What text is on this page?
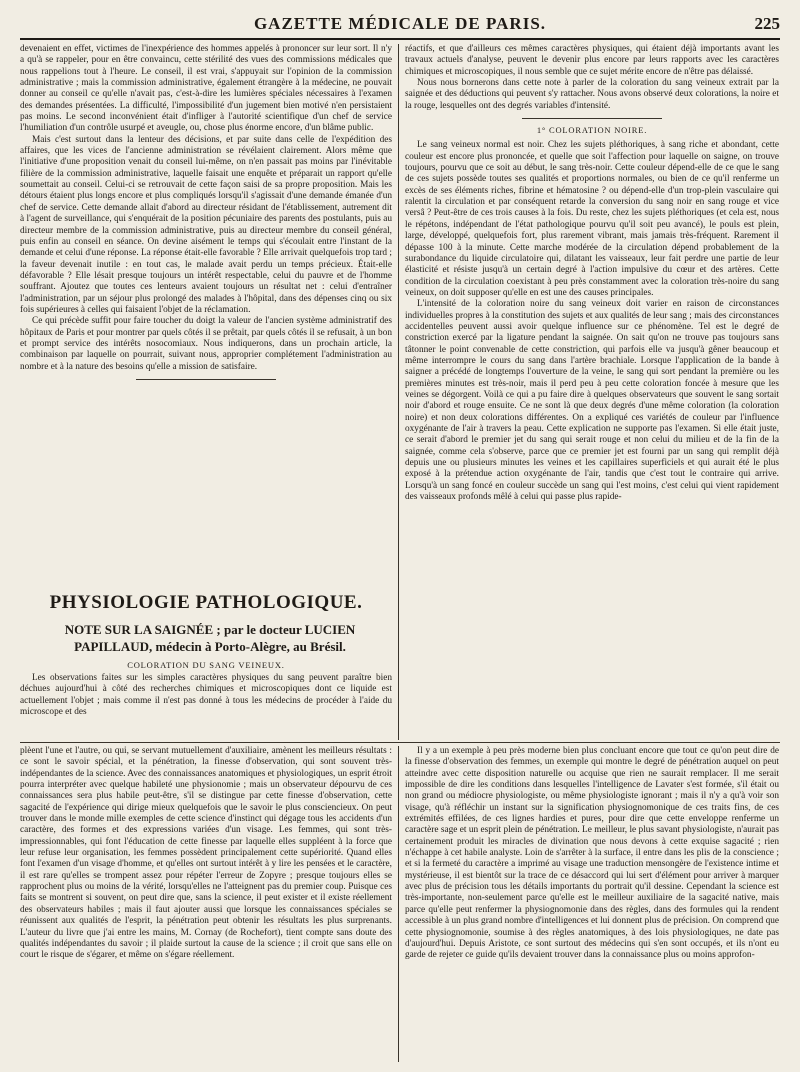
GAZETTE MÉDICALE DE PARIS.	225

devenaient en effet, victimes de l'inexpérience des hommes appelés à prononcer sur leur sort. Il n'y a qu'à se rappeler, pour en être convaincu, cette stérilité des vues des commissions médicales que nous rappelions tout à l'heure. Le conseil, il est vrai, s'appuyait sur l'opinion de la commission administrative ; mais la commission administrative, également étrangère à la médecine, ne pouvait donner au conseil ce qu'elle n'avait pas, c'est-à-dire les lumières spéciales nécessaires à l'examen des demandes présentées. La difficulté, l'impossibilité d'un jugement bien motivé n'en persistaient pas moins. Le second inconvénient était d'infliger à l'autorité scientifique d'un chef de service l'humiliation d'un contrôle usurpé et aveugle, ou, chose plus énorme encore, d'un blâme public.

Mais c'est surtout dans la lenteur des décisions, et par suite dans celle de l'expédition des affaires, que les vices de l'ancienne administration se révélaient clairement. Alors même que l'initiative d'une proposition venait du conseil lui-même, on n'en passait pas moins par l'inévitable filière de la commission administrative, laquelle faisait une enquête et préparait un rapport qu'elle soumettait au conseil. Celui-ci se retrouvait de cette façon saisi de sa propre proposition. Mais les détours étaient plus longs encore et plus compliqués lorsqu'il s'agissait d'une demande émanée d'un chef de service. Cette demande allait d'abord au directeur résidant de l'établissement, autrement dit à l'agent de surveillance, qui s'enquérait de la position pécuniaire des parents des postulants, puis au directeur membre de la commission administrative, puis au directeur membre du conseil général, puis enfin au conseil en séance. On devine aisément le temps qui s'écoulait entre l'instant de la demande et celui d'une réponse. La réponse était-elle favorable ? Elle arrivait quelquefois trop tard ; la faveur devenait inutile : en tout cas, le malade avait perdu un temps précieux. Était-elle défavorable ? Elle lésait presque toujours un intérêt respectable, celui du pauvre et de l'homme souffrant. Ajoutez que toutes ces lenteurs avaient toujours un résultat net : celui d'entraîner l'administration, par un séjour plus prolongé des malades à l'hôpital, dans des dépenses cinq ou six fois supérieures à celles qui faisaient l'objet de la réclamation.

Ce qui précède suffit pour faire toucher du doigt la valeur de l'ancien système administratif des hôpitaux de Paris et pour montrer par quels côtés il se prêtait, par quels côtés il se refusait, à un bon et prompt service des intérêts nosocomiaux. Nous indiquerons, dans un prochain article, la combinaison par laquelle on pourrait, suivant nous, approprier complétement l'administration au nombre et à la nature des besoins qu'elle a mission de satisfaire.

PHYSIOLOGIE PATHOLOGIQUE.
NOTE SUR LA SAIGNÉE ; par le docteur LUCIEN PAPILLAUD, médecin à Porto-Alègre, au Brésil.
COLORATION DU SANG VEINEUX.

Les observations faites sur les simples caractères physiques du sang peuvent paraître bien déchues aujourd'hui à côté des recherches chimiques et microscopiques dont ce liquide est actuellement l'objet ; mais comme il n'est pas donné à tous les médecins de procéder à l'aide du microscope et des

réactifs, et que d'ailleurs ces mêmes caractères physiques, qui étaient déjà importants avant les travaux actuels d'analyse, peuvent le devenir plus encore par leurs rapports avec les caractères chimiques et microscopiques, il nous semble que ce sujet mérite encore de n'être pas délaissé.

Nous nous bornerons dans cette note à parler de la coloration du sang veineux extrait par la saignée et des déductions qui peuvent s'y rattacher. Nous avons observé deux colorations, la noire et la rouge, lesquelles ont des degrés variables d'intensité.

1° COLORATION NOIRE.

Le sang veineux normal est noir. Chez les sujets pléthoriques, à sang riche et abondant, cette couleur est encore plus prononcée, et quelle que soit l'affection pour laquelle on saigne, on trouve toujours, pourvu que ce soit au début, le sang très-noir. Cette couleur dépend-elle de ce que le sang de ces sujets possède toutes ses qualités et proportions normales, ou bien de ce qu'il renferme un excès de ses éléments riches, fibrine et hématosine ? ou dépend-elle d'un trop-plein vasculaire qui ralentit la circulation et par conséquent retarde la conversion du sang noir en sang rouge et vice versâ ? Peut-être de ces trois causes à la fois. Du reste, chez les sujets pléthoriques (et cela est, nous le répétons, indépendant de l'état pathologique pourvu qu'il soit peu avancé), le pouls est plein, large, développé, quelquefois fort, plus rarement vibrant, mais jamais très-fréquent. Rarement il dépasse 100 à la minute. Cette marche modérée de la circulation dépend probablement de la surabondance du liquide circulatoire qui, dilatant les vaisseaux, leur fait perdre une partie de leur élasticité et résiste jusqu'à un certain degré à l'action impulsive du cœur et des artères. Cette condition de la circulation coexistant à peu près constamment avec la coloration très-noire du sang veineux, on doit supposer qu'elle en est une des causes principales.

L'intensité de la coloration noire du sang veineux doit varier en raison de circonstances individuelles propres à la constitution des sujets et aux qualités de leur sang ; mais des circonstances accidentelles peuvent aussi avoir quelque influence sur ce phénomène. Tel est le degré de constriction exercé par la ligature pendant la saignée. On sait qu'on ne trouve pas toujours sans tâtonner le point convenable de cette constriction, qui parfois elle va jusqu'à gêner beaucoup et même interrompre le cours du sang dans l'artère brachiale. Lorsque l'application de la bande à saigner a précédé de longtemps l'ouverture de la veine, le sang qui sort pendant la première ou les premières minutes est très-noir, mais il perd peu à peu cette coloration foncée à mesure que les veines se dégorgent. Voilà ce qui a pu faire dire à quelques observateurs que souvent le sang sortait noir d'abord et rouge ensuite. Ce ne sont là que deux degrés d'une même coloration (la coloration noire) et non deux colorations différentes. On a expliqué ces variétés de couleur par l'influence oxygénante de l'air à travers la peau. Cette explication ne supporte pas l'examen. Si elle était juste, ce serait d'abord le premier jet du sang qui serait rouge et non celui du milieu et de la fin de la saignée, comme cela s'observe, parce que ce premier jet est fourni par un sang qui remplit déjà depuis une ou plusieurs minutes les veines et les capillaires superficiels et qui aurait été le plus exposé à la prétendue action oxygénante de l'air, tandis que c'est tout le contraire qui arrive. Lorsqu'à un sang foncé en couleur succède un sang qui l'est moins, c'est celui qui vient rapidement des vaisseaux profonds mêlé à celui qui passe plus rapide-

plèent l'une et l'autre, ou qui, se servant mutuellement d'auxiliaire, amènent les meilleurs résultats : ce sont le savoir spécial, et la pénétration, la finesse d'observation, qui sont souvent très-indépendantes de la science. Avec des connaissances anatomiques et physiologiques, un esprit étroit pourra interpréter avec quelque habileté une physionomie ; mais un observateur dépourvu de ces connaissances sera plus habile peut-être, s'il se distingue par cette finesse d'observation, cette sagacité de l'expérience qui dirige mieux quelquefois que le savoir le plus consciencieux. On peut trouver dans le monde mille exemples de cette science d'instinct qui dégage tous les accidents d'un caractère, des formes et des expressions variées d'un visage. Les femmes, qui sont très-impressionnables, qui font l'éducation de cette finesse par laquelle elles suppléent à la force que leur refuse leur organisation, les femmes possèdent principalement cette supériorité. Quand elles font l'examen d'un visage d'homme, et qu'elles ont surtout intérêt à y lire les pensées et le caractère, il est rare qu'elles se trompent assez pour répéter l'erreur de Zopyre ; presque toujours elles se rapprochent plus ou moins de la vérité, lorsqu'elles ne l'atteignent pas du premier coup. Puisque ces faits se montrent si souvent, on peut dire que, sans la science, il peut exister et il existe réellement des observateurs habiles ; mais il faut ajouter aussi que lorsque les connaissances spéciales se réunissent aux qualités de l'esprit, la pénétration peut obtenir les résultats les plus surprenants. L'auteur du livre que j'ai entre les mains, M. Cornay (de Rochefort), tient compte sans doute des qualités indépendantes du savoir ; il plaide surtout la cause de la science ; il croit que sans elle on court le risque de s'égarer, et même on s'égare réellement.

Il y a un exemple à peu près moderne bien plus concluant encore que tout ce qu'on peut dire de la finesse d'observation des femmes, un exemple qui montre le degré de pénétration auquel on peut atteindre avec cette disposition naturelle ou acquise que rien ne saurait remplacer. Il me serait impossible de dire les conditions dans lesquelles l'intelligence de Lavater s'est formée, s'il était ou non grand ou médiocre physiologiste, ou même physiologiste ignorant ; mais il n'y a qu'à voir son visage, qu'à réfléchir un instant sur la signification physiognomonique de ces traits fins, de ces extrémités effilées, de ces lignes hardies et pures, pour dire que cette enveloppe renferme un caractère sage et un esprit plein de pénétration. Le meilleur, le plus savant physiologiste, n'aurait pas certainement produit les miracles de divination que nous devons à cette exquise sagacité ; rien n'échappe à cet habile analyste. Loin de s'arrêter à la surface, il entre dans les plis de la conscience ; et si la fermeté du caractère a imprimé au visage une traduction mensongère de l'existence intime et mystérieuse, il est bientôt sur la trace de ce désaccord qui lui sert d'élément pour arriver à marquer avec plus de précision tous les détails importants du portrait qu'il dessine. Cependant la science est très-importante, non-seulement parce qu'elle est le meilleur auxiliaire de la sagacité native, mais parce qu'elle peut renfermer la physiognomonie dans des règles, dans des formules qui la rendent accessible à un plus grand nombre d'intelligences et lui donnent plus de précision. On comprend que cette physiognomonie, soumise à des règles anatomiques, à des lois physiologiques, ne date pas d'aujourd'hui. Depuis Aristote, ce sont surtout des médecins qui s'en sont occupés, et ils n'ont eu garde de rejeter ce guide qu'ils devaient trouver dans la connaissance plus ou moins approfon-
